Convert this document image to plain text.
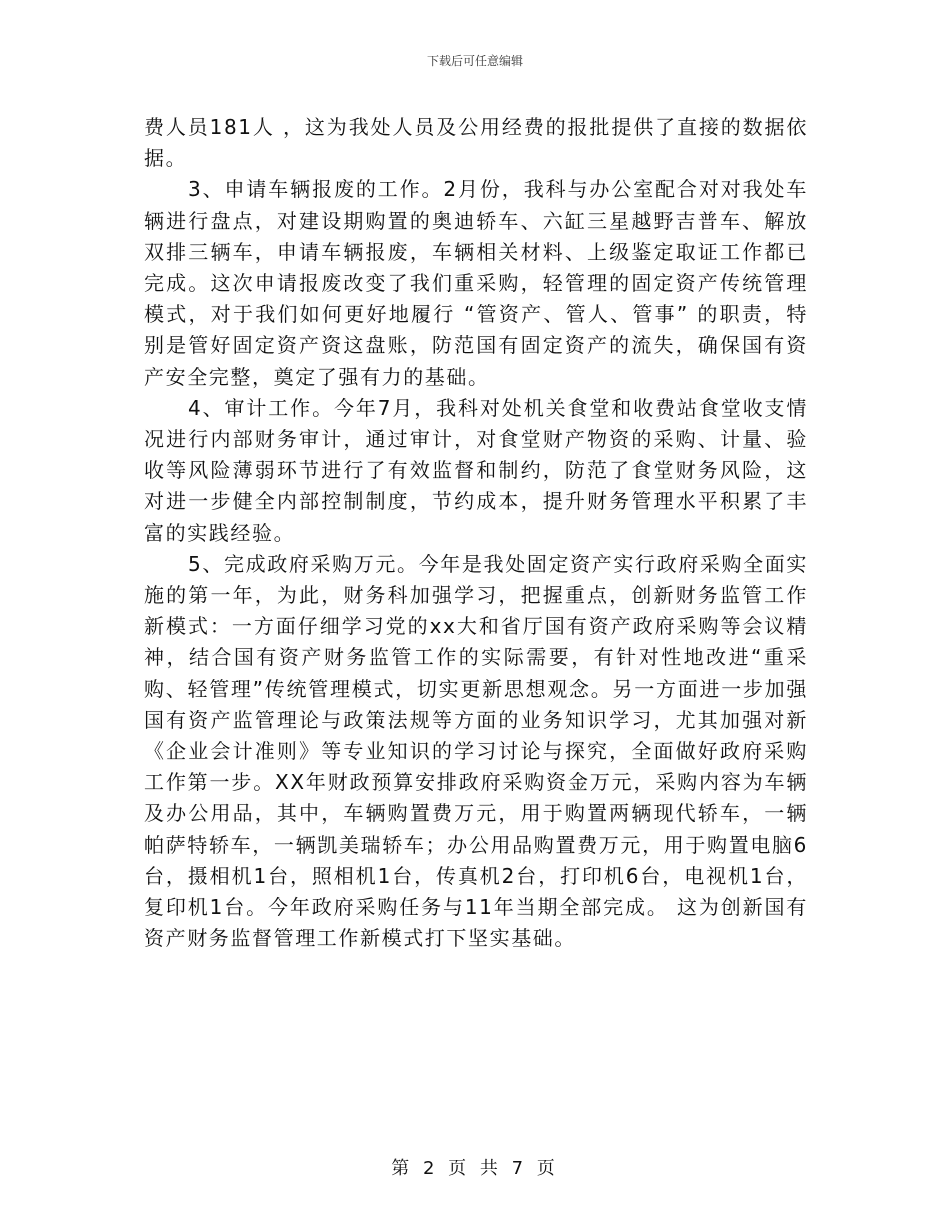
下载后可任意编辑

费人员181人 ，这为我处人员及公用经费的报批提供了直接的数据依据。

3、申请车辆报废的工作。2月份，我科与办公室配合对对我处车辆进行盘点，对建设期购置的奥迪轿车、六缸三星越野吉普车、解放双排三辆车，申请车辆报废，车辆相关材料、上级鉴定取证工作都已完成。这次申请报废改变了我们重采购，轻管理的固定资产传统管理模式，对于我们如何更好地履行 “管资产、管人、管事” 的职责，特别是管好固定资产资这盘账，防范国有固定资产的流失，确保国有资产安全完整，奠定了强有力的基础。

4、审计工作。今年7月，我科对处机关食堂和收费站食堂收支情况进行内部财务审计，通过审计，对食堂财产物资的采购、计量、验收等风险薄弱环节进行了有效监督和制约，防范了食堂财务风险，这对进一步健全内部控制制度，节约成本，提升财务管理水平积累了丰富的实践经验。

5、完成政府采购万元。今年是我处固定资产实行政府采购全面实施的第一年，为此，财务科加强学习，把握重点，创新财务监管工作新模式：一方面仔细学习党的xx大和省厅国有资产政府采购等会议精神，结合国有资产财务监管工作的实际需要，有针对性地改进“重采购、轻管理”传统管理模式，切实更新思想观念。另一方面进一步加强国有资产监管理论与政策法规等方面的业务知识学习，尤其加强对新《企业会计准则》等专业知识的学习讨论与探究，全面做好政府采购工作第一步。XX年财政预算安排政府采购资金万元，采购内容为车辆及办公用品，其中，车辆购置费万元，用于购置两辆现代轿车，一辆帕萨特轿车，一辆凯美瑞轿车；办公用品购置费万元，用于购置电脑6台，摄相机1台，照相机1台，传真机2台，打印机6台，电视机1台，复印机1台。今年政府采购任务与11年当期全部完成。 这为创新国有资产财务监督管理工作新模式打下坚实基础。

第 2 页 共 7 页
